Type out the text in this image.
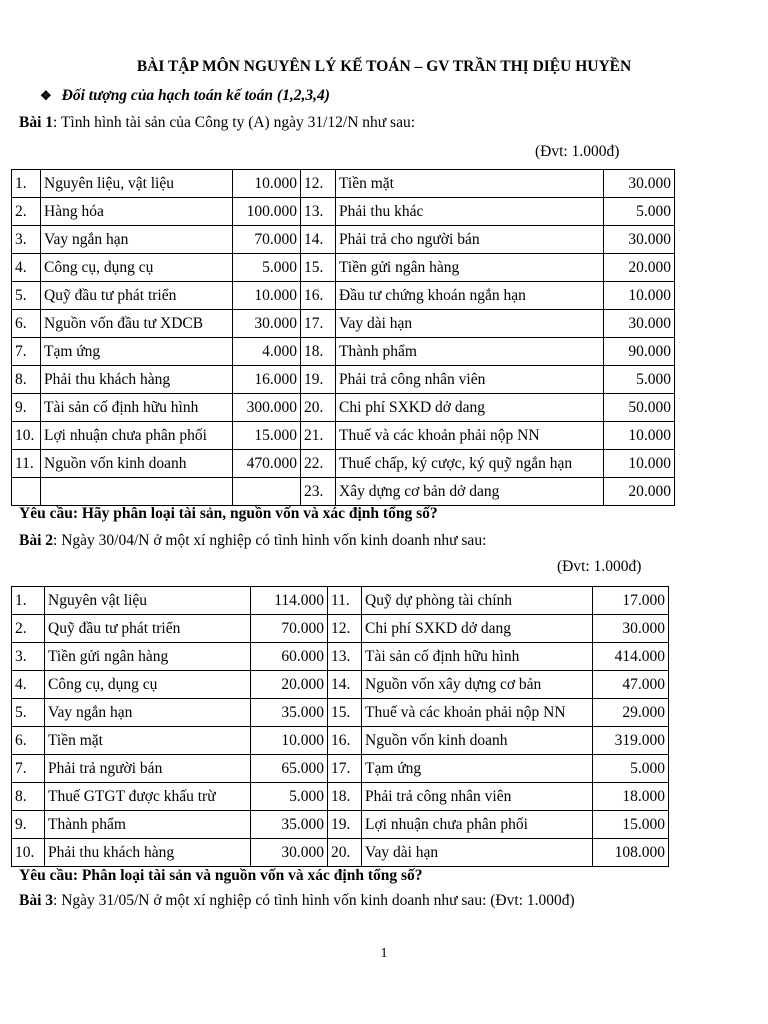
BÀI TẬP MÔN NGUYÊN LÝ KẾ TOÁN – GV TRẦN THỊ DIỆU HUYỀN
❖ Đối tượng của hạch toán kế toán (1,2,3,4)
Bài 1: Tình hình tài sản của Công ty (A) ngày 31/12/N như sau:
(Đvt: 1.000đ)
1.	Nguyên liệu, vật liệu	10.000	12.	Tiền mặt	30.000
2.	Hàng hóa	100.000	13.	Phải thu khác	5.000
3.	Vay ngắn hạn	70.000	14.	Phải trả cho người bán	30.000
4.	Công cụ, dụng cụ	5.000	15.	Tiền gửi ngân hàng	20.000
5.	Quỹ đầu tư phát triển	10.000	16.	Đầu tư chứng khoán ngắn hạn	10.000
6.	Nguồn vốn đầu tư XDCB	30.000	17.	Vay dài hạn	30.000
7.	Tạm ứng	4.000	18.	Thành phẩm	90.000
8.	Phải thu khách hàng	16.000	19.	Phải trả công nhân viên	5.000
9.	Tài sản cố định hữu hình	300.000	20.	Chi phí SXKD dở dang	50.000
10.	Lợi nhuận chưa phân phối	15.000	21.	Thuế và các khoản phải nộp NN	10.000
11.	Nguồn vốn kinh doanh	470.000	22.	Thuế chấp, ký cược, ký quỹ ngắn hạn	10.000
			23.	Xây dựng cơ bản dở dang	20.000
Yêu cầu: Hãy phân loại tài sản, nguồn vốn và xác định tổng số?
Bài 2: Ngày 30/04/N ở một xí nghiệp có tình hình vốn kinh doanh như sau:
(Đvt: 1.000đ)
1.	Nguyên vật liệu	114.000	11.	Quỹ dự phòng tài chính	17.000
2.	Quỹ đầu tư phát triển	70.000	12.	Chi phí SXKD dở dang	30.000
3.	Tiền gửi ngân hàng	60.000	13.	Tài sản cố định hữu hình	414.000
4.	Công cụ, dụng cụ	20.000	14.	Nguồn vốn xây dựng cơ bản	47.000
5.	Vay ngắn hạn	35.000	15.	Thuế và các khoản phải nộp NN	29.000
6.	Tiền mặt	10.000	16.	Nguồn vốn kinh doanh	319.000
7.	Phải trả người bán	65.000	17.	Tạm ứng	5.000
8.	Thuế GTGT được khấu trừ	5.000	18.	Phải trả công nhân viên	18.000
9.	Thành phẩm	35.000	19.	Lợi nhuận chưa phân phối	15.000
10.	Phải thu khách hàng	30.000	20.	Vay dài hạn	108.000
Yêu cầu: Phân loại tài sản và nguồn vốn và xác định tổng số?
Bài 3: Ngày 31/05/N ở một xí nghiệp có tình hình vốn kinh doanh như sau: (Đvt: 1.000đ)
1
